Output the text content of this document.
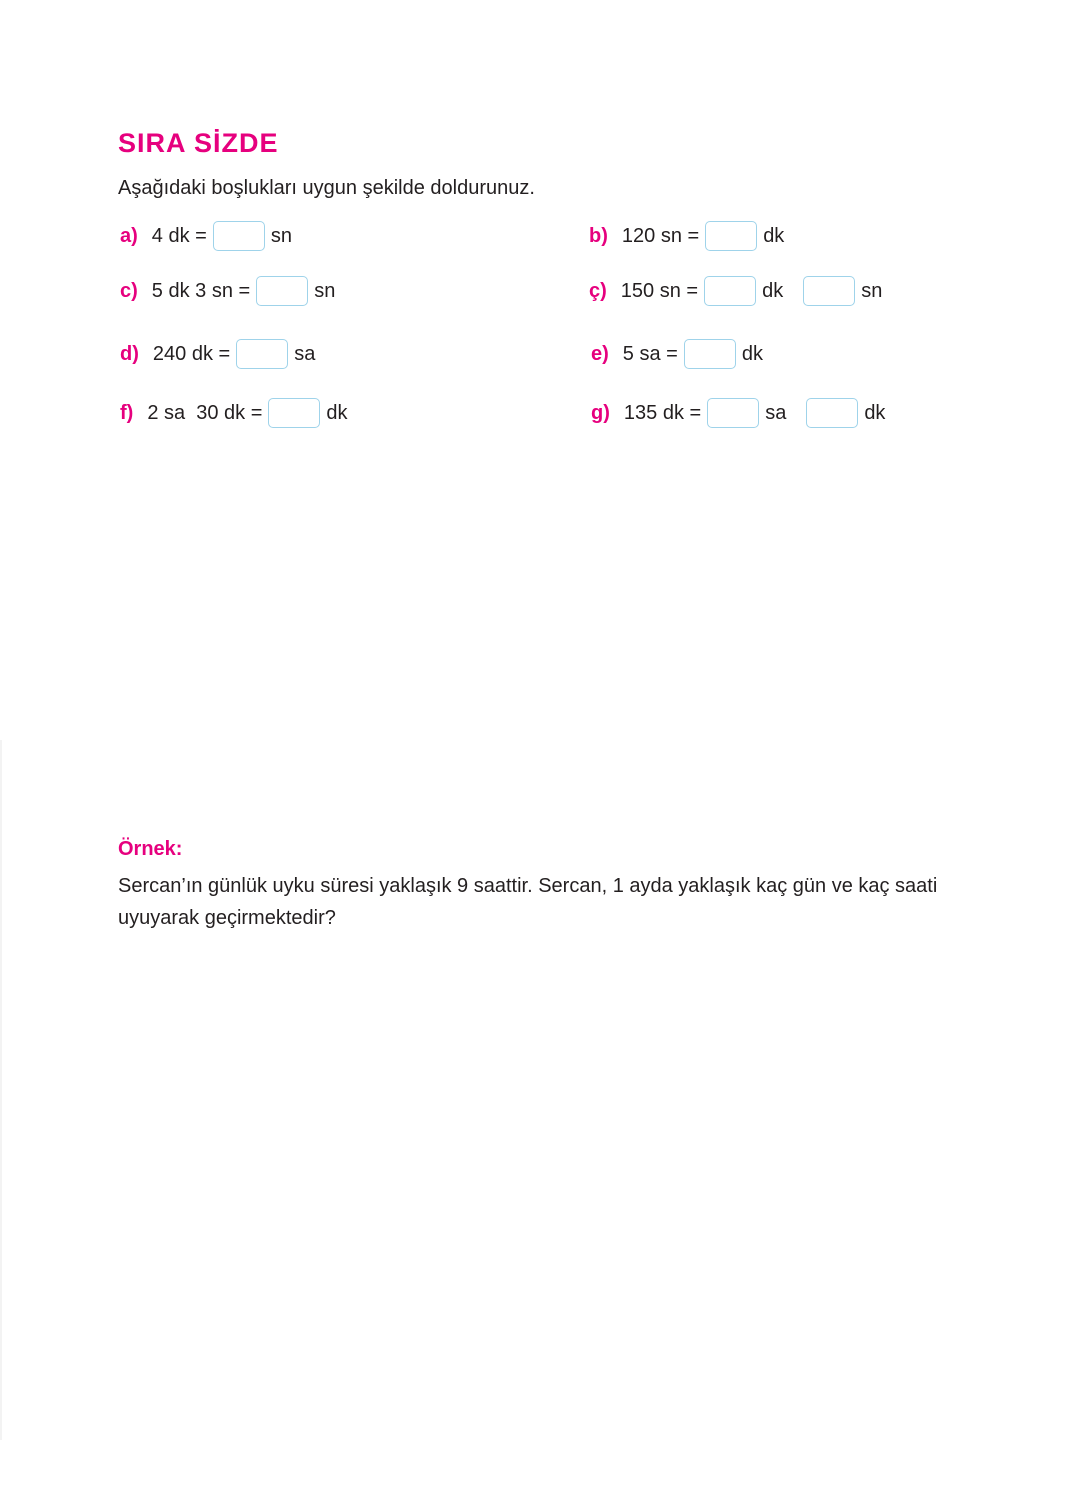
SIRA SİZDE

Aşağıdaki boşlukları uygun şekilde doldurunuz.

a) 4 dk =	sn	b) 120 sn =	dk
c) 5 dk 3 sn =	sn	ç) 150 sn =	dk	sn
d) 240 dk =	sa	e) 5 sa =	dk
f) 2 sa  30 dk =	dk	g) 135 dk =	sa	dk

Örnek:

Sercan’ın günlük uyku süresi yaklaşık 9 saattir. Sercan, 1 ayda yaklaşık kaç gün ve kaç saati uyuyarak geçirmektedir?
